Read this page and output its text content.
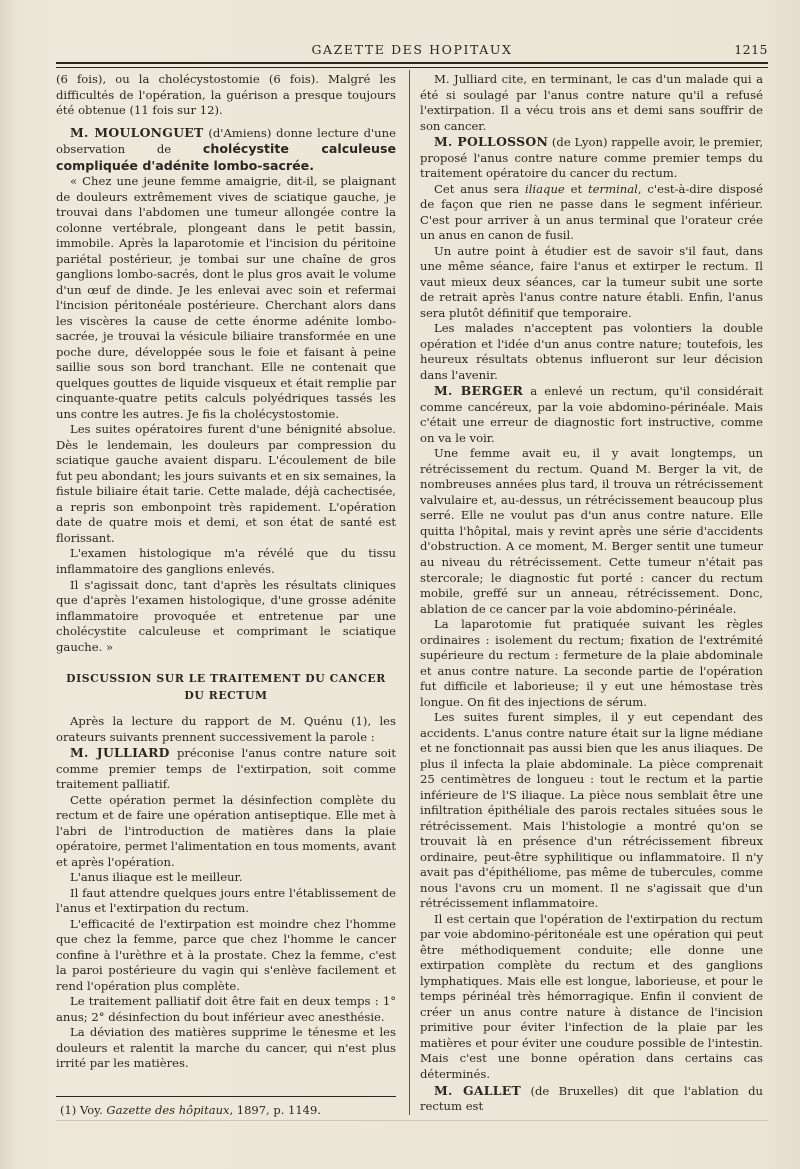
GAZETTE DES HOPITAUX	1215

(6 fois), ou la cholécystostomie (6 fois). Malgré les difficultés de l'opération, la guérison a presque toujours été obtenue (11 fois sur 12).

M. MOULONGUET (d'Amiens) donne lecture d'une observation de cholécystite calculeuse compliquée d'adénite lombo-sacrée.

« Chez une jeune femme amaigrie, dit-il, se plaignant de douleurs extrêmement vives de sciatique gauche, je trouvai dans l'abdomen une tumeur allongée contre la colonne vertébrale, plongeant dans le petit bassin, immobile. Après la laparotomie et l'incision du péritoine pariétal postérieur, je tombai sur une chaîne de gros ganglions lombo-sacrés, dont le plus gros avait le volume d'un œuf de dinde. Je les enlevai avec soin et refermai l'incision péritonéale postérieure. Cherchant alors dans les viscères la cause de cette énorme adénite lombo-sacrée, je trouvai la vésicule biliaire transformée en une poche dure, développée sous le foie et faisant à peine saillie sous son bord tranchant. Elle ne contenait que quelques gouttes de liquide visqueux et était remplie par cinquante-quatre petits calculs polyédriques tassés les uns contre les autres. Je fis la cholécystostomie.

Les suites opératoires furent d'une bénignité absolue. Dès le lendemain, les douleurs par compression du sciatique gauche avaient disparu. L'écoulement de bile fut peu abondant; les jours suivants et en six semaines, la fistule biliaire était tarie. Cette malade, déjà cachectisée, a repris son embonpoint très rapidement. L'opération date de quatre mois et demi, et son état de santé est florissant.

L'examen histologique m'a révélé que du tissu inflammatoire des ganglions enlevés.

Il s'agissait donc, tant d'après les résultats cliniques que d'après l'examen histologique, d'une grosse adénite inflammatoire provoquée et entretenue par une cholécystite calculeuse et comprimant le sciatique gauche. »

DISCUSSION SUR LE TRAITEMENT DU CANCER
DU RECTUM

Après la lecture du rapport de M. Quénu (1), les orateurs suivants prennent successivement la parole :

M. JULLIARD préconise l'anus contre nature soit comme premier temps de l'extirpation, soit comme traitement palliatif.

Cette opération permet la désinfection complète du rectum et de faire une opération antiseptique. Elle met à l'abri de l'introduction de matières dans la plaie opératoire, permet l'alimentation en tous moments, avant et après l'opération.

L'anus iliaque est le meilleur.

Il faut attendre quelques jours entre l'établissement de l'anus et l'extirpation du rectum.

L'efficacité de l'extirpation est moindre chez l'homme que chez la femme, parce que chez l'homme le cancer confine à l'urèthre et à la prostate. Chez la femme, c'est la paroi postérieure du vagin qui s'enlève facilement et rend l'opération plus complète.

Le traitement palliatif doit être fait en deux temps : 1° anus; 2° désinfection du bout inférieur avec anesthésie.

La déviation des matières supprime le ténesme et les douleurs et ralentit la marche du cancer, qui n'est plus irrité par les matières.

(1) Voy. Gazette des hôpitaux, 1897, p. 1149.

M. Julliard cite, en terminant, le cas d'un malade qui a été si soulagé par l'anus contre nature qu'il a refusé l'extirpation. Il a vécu trois ans et demi sans souffrir de son cancer.

M. POLLOSSON (de Lyon) rappelle avoir, le premier, proposé l'anus contre nature comme premier temps du traitement opératoire du cancer du rectum.

Cet anus sera iliaque et terminal, c'est-à-dire disposé de façon que rien ne passe dans le segment inférieur. C'est pour arriver à un anus terminal que l'orateur crée un anus en canon de fusil.

Un autre point à étudier est de savoir s'il faut, dans une même séance, faire l'anus et extirper le rectum. Il vaut mieux deux séances, car la tumeur subit une sorte de retrait après l'anus contre nature établi. Enfin, l'anus sera plutôt définitif que temporaire.

Les malades n'acceptent pas volontiers la double opération et l'idée d'un anus contre nature; toutefois, les heureux résultats obtenus influeront sur leur décision dans l'avenir.

M. BERGER a enlevé un rectum, qu'il considérait comme cancéreux, par la voie abdomino-périnéale. Mais c'était une erreur de diagnostic fort instructive, comme on va le voir.

Une femme avait eu, il y avait longtemps, un rétrécissement du rectum. Quand M. Berger la vit, de nombreuses années plus tard, il trouva un rétrécissement valvulaire et, au-dessus, un rétrécissement beaucoup plus serré. Elle ne voulut pas d'un anus contre nature. Elle quitta l'hôpital, mais y revint après une série d'accidents d'obstruction. A ce moment, M. Berger sentit une tumeur au niveau du rétrécissement. Cette tumeur n'était pas stercorale; le diagnostic fut porté : cancer du rectum mobile, greffé sur un anneau, rétrécissement. Donc, ablation de ce cancer par la voie abdomino-périnéale.

La laparotomie fut pratiquée suivant les règles ordinaires : isolement du rectum; fixation de l'extrémité supérieure du rectum : fermeture de la plaie abdominale et anus contre nature. La seconde partie de l'opération fut difficile et laborieuse; il y eut une hémostase très longue. On fit des injections de sérum.

Les suites furent simples, il y eut cependant des accidents. L'anus contre nature était sur la ligne médiane et ne fonctionnait pas aussi bien que les anus iliaques. De plus il infecta la plaie abdominale. La pièce comprenait 25 centimètres de longueu : tout le rectum et la partie inférieure de l'S iliaque. La pièce nous semblait être une infiltration épithéliale des parois rectales situées sous le rétrécissement. Mais l'histologie a montré qu'on se trouvait là en présence d'un rétrécissement fibreux ordinaire, peut-être syphilitique ou inflammatoire. Il n'y avait pas d'épithéliome, pas même de tubercules, comme nous l'avons cru un moment. Il ne s'agissait que d'un rétrécissement inflammatoire.

Il est certain que l'opération de l'extirpation du rectum par voie abdomino-péritonéale est une opération qui peut être méthodiquement conduite; elle donne une extirpation complète du rectum et des ganglions lymphatiques. Mais elle est longue, laborieuse, et pour le temps périnéal très hémorragique. Enfin il convient de créer un anus contre nature à distance de l'incision primitive pour éviter l'infection de la plaie par les matières et pour éviter une coudure possible de l'intestin. Mais c'est une bonne opération dans certains cas déterminés.

M. GALLET (de Bruxelles) dit que l'ablation du rectum est
